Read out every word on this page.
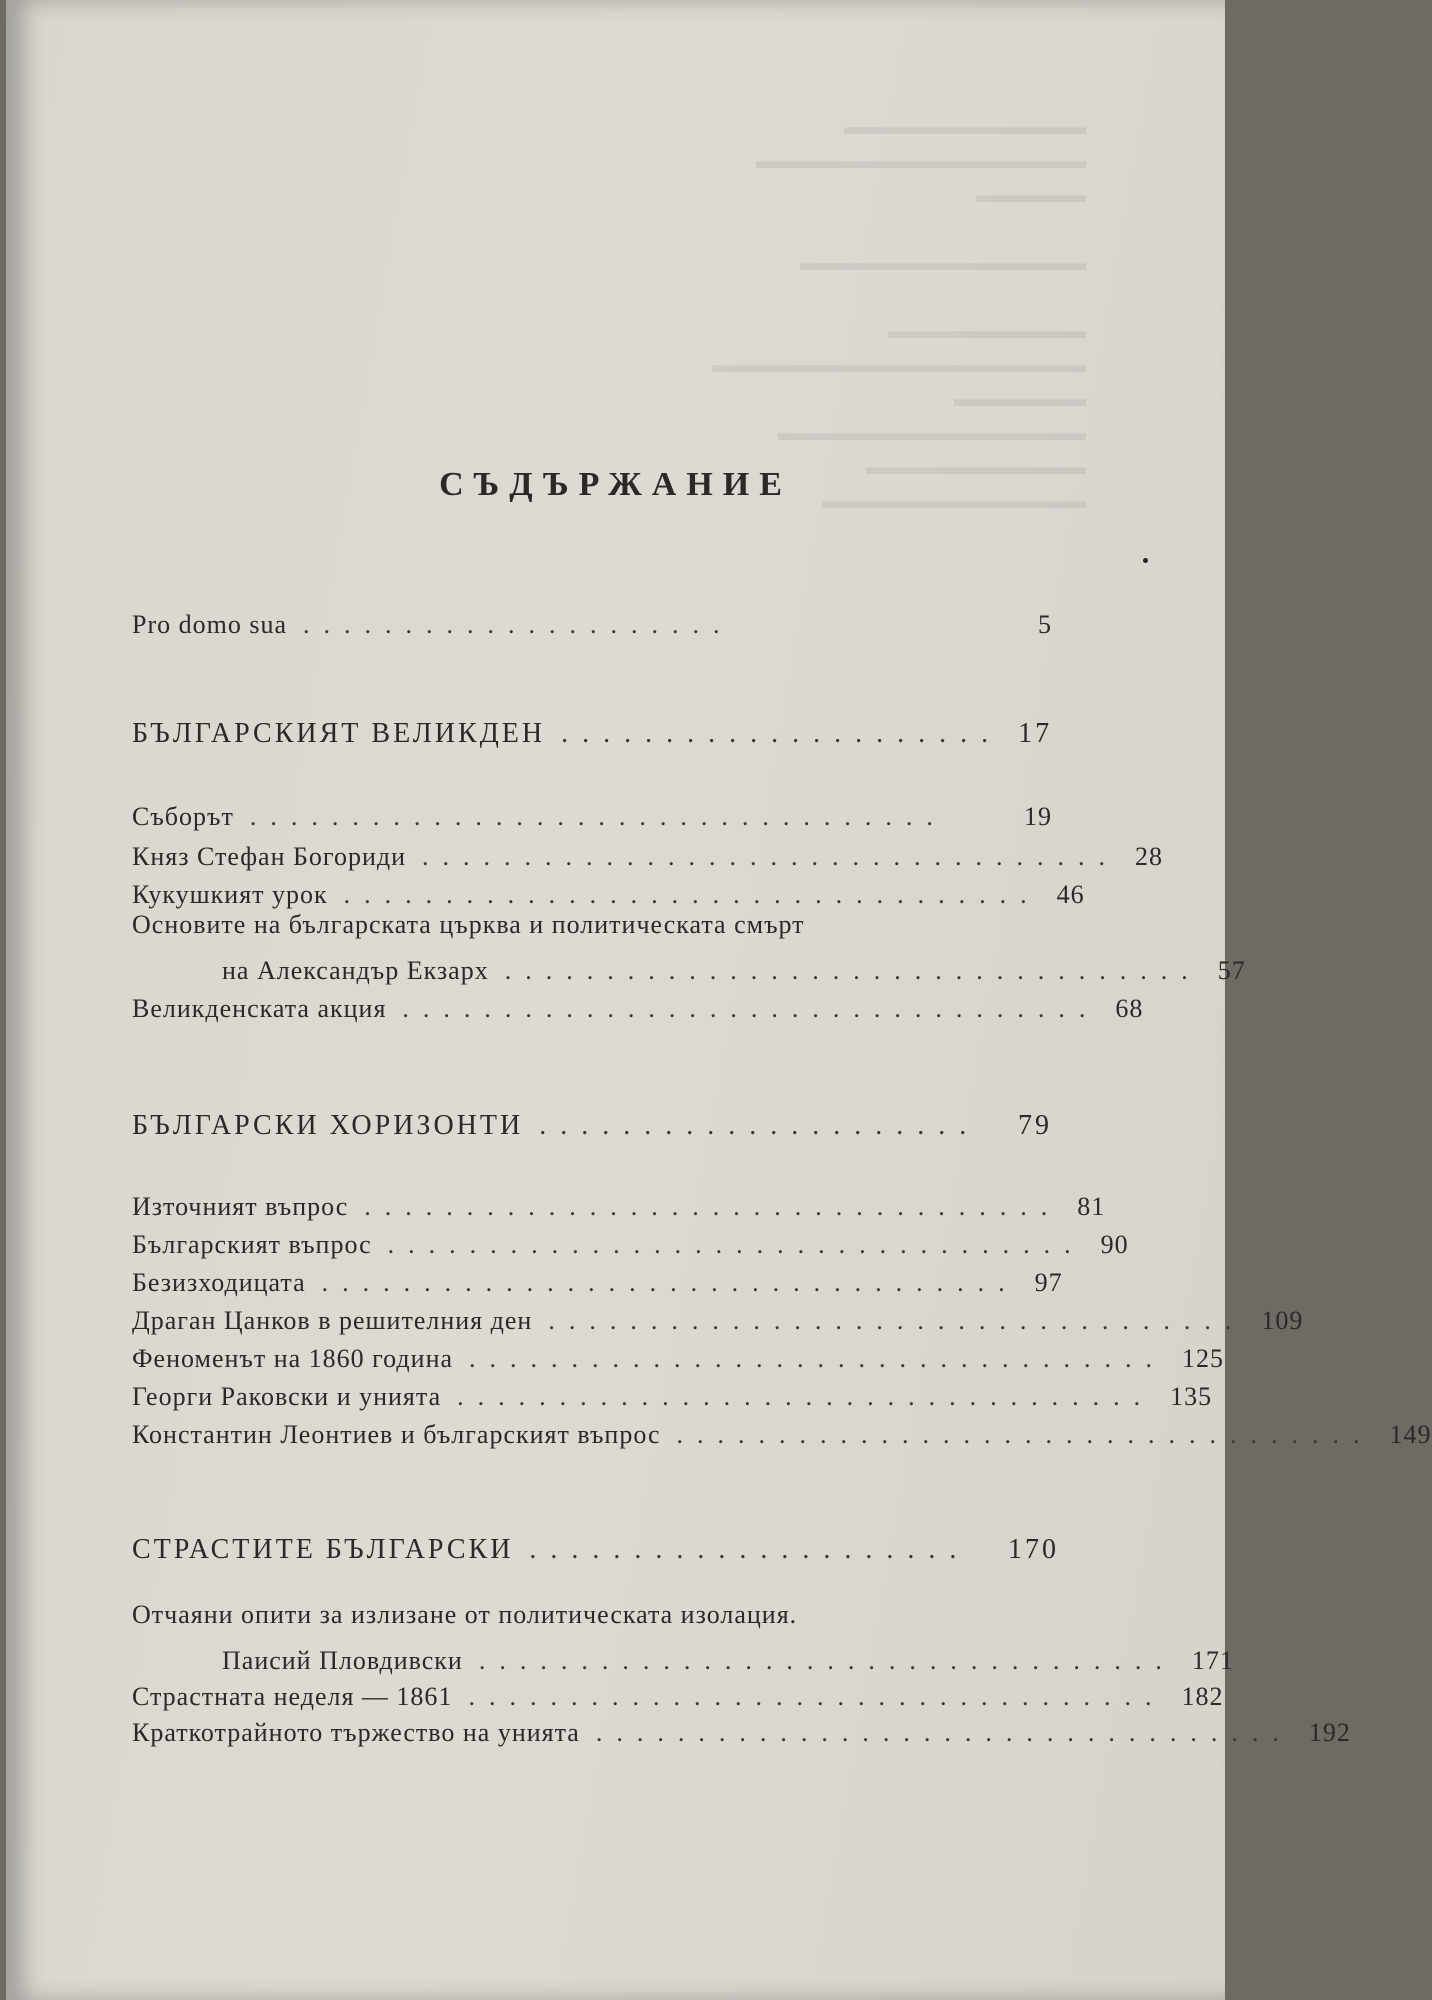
▬▬▬▬▬▬▬▬▬▬▬
▬▬▬▬▬▬▬▬▬▬▬▬▬▬▬
▬▬▬▬▬

▬▬▬▬▬▬▬▬▬▬▬▬▬

▬▬▬▬▬▬▬▬▬
▬▬▬▬▬▬▬▬▬▬▬▬▬▬▬▬▬
▬▬▬▬▬▬
▬▬▬▬▬▬▬▬▬▬▬▬▬▬
▬▬▬▬▬▬▬▬▬▬
▬▬▬▬▬▬▬▬▬▬▬▬
СЪДЪРЖАНИЕ
Pro domo sua .....................	5
БЪЛГАРСКИЯТ ВЕЛИКДЕН ..................... 17
Съборът ..................................	19
Княз Стефан Богориди .................................. 28
Кукушкият урок .................................. 46
Основите на българската църква и политическата смърт
на Александър Екзарх .................................. 57
Великденската акция .................................. 68
БЪЛГАРСКИ ХОРИЗОНТИ .....................	79
Източният въпрос .................................. 81
Българският въпрос .................................. 90
Безизходицата .................................. 97
Драган Цанков в решителния ден .................................. 109
Феноменът на 1860 година .................................. 125
Георги Раковски и унията .................................. 135
Константин Леонтиев и българският въпрос .................................. 149
СТРАСТИТЕ БЪЛГАРСКИ .....................	170
Отчаяни опити за излизане от политическата изолация.
Паисий Пловдивски .................................. 171
Страстната неделя — 1861 .................................. 182
Краткотрайното тържество на унията .................................. 192
